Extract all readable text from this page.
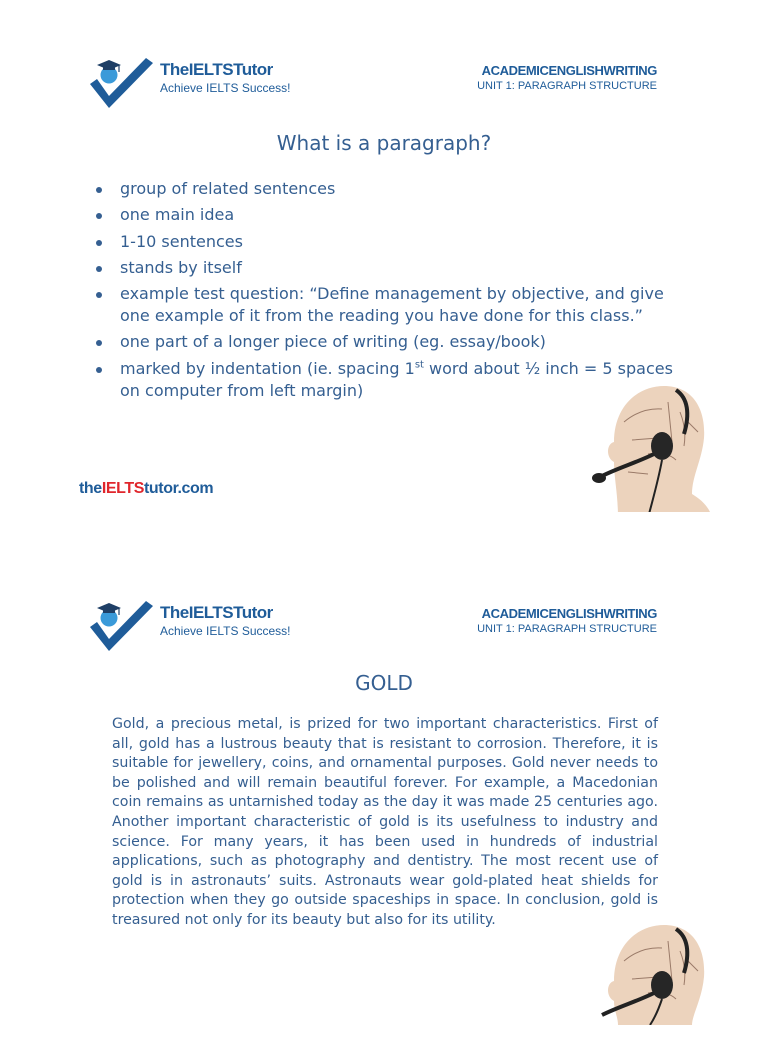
TheIELTSTutor
Achieve IELTS Success!
ACADEMICENGLISHWRITING
UNIT 1: PARAGRAPH STRUCTURE
What is a paragraph?
group of related sentences
one main idea
1-10 sentences
stands by itself
example test question: “Define management by objective, and give one example of it from the reading you have done for this class.”
one part of a longer piece of writing (eg. essay/book)
marked by indentation (ie. spacing 1st word about ½ inch = 5 spaces on computer from left margin)
theIELTStutor.com
TheIELTSTutor
Achieve IELTS Success!
ACADEMICENGLISHWRITING
UNIT 1: PARAGRAPH STRUCTURE
GOLD

Gold, a precious metal, is prized for two important characteristics. First of all, gold has a lustrous beauty that is resistant to corrosion. Therefore, it is suitable for jewellery, coins, and ornamental purposes. Gold never needs to be polished and will remain beautiful forever. For example, a Macedonian coin remains as untarnished today as the day it was made 25 centuries ago. Another important characteristic of gold is its usefulness to industry and science. For many years, it has been used in hundreds of industrial applications, such as photography and dentistry. The most recent use of gold is in astronauts’ suits. Astronauts wear gold-plated heat shields for protection when they go outside spaceships in space. In conclusion, gold is treasured not only for its beauty but also for its utility.
